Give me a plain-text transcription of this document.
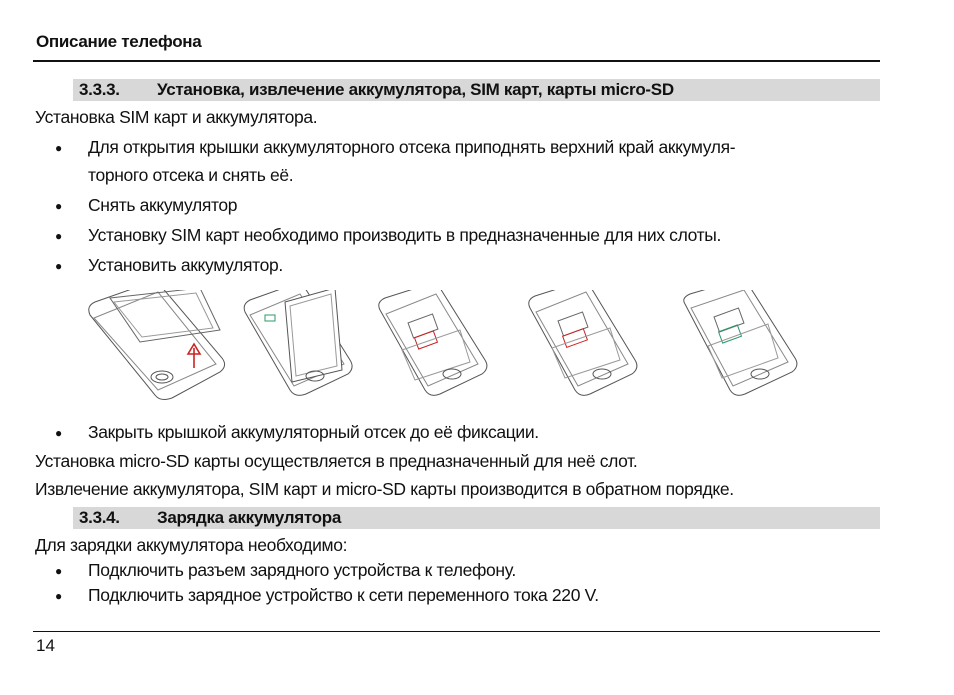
Описание телефона
3.3.3. Установка, извлечение аккумулятора, SIM карт, карты micro-SD
Установка SIM карт и аккумулятора.
● Для открытия крышки аккумуляторного отсека приподнять верхний край аккумуля-
торного отсека и снять её.
● Снять аккумулятор
● Установку SIM карт необходимо производить в предназначенные для них слоты.
● Установить аккумулятор.
● Закрыть крышкой аккумуляторный отсек до её фиксации.
Установка micro-SD карты осуществляется в предназначенный для неё слот.
Извлечение аккумулятора, SIM карт и micro-SD карты производится в обратном порядке.
3.3.4. Зарядка аккумулятора
Для зарядки аккумулятора необходимо:
● Подключить разъем зарядного устройства к телефону.
● Подключить зарядное устройство к сети переменного тока 220 V.
14
